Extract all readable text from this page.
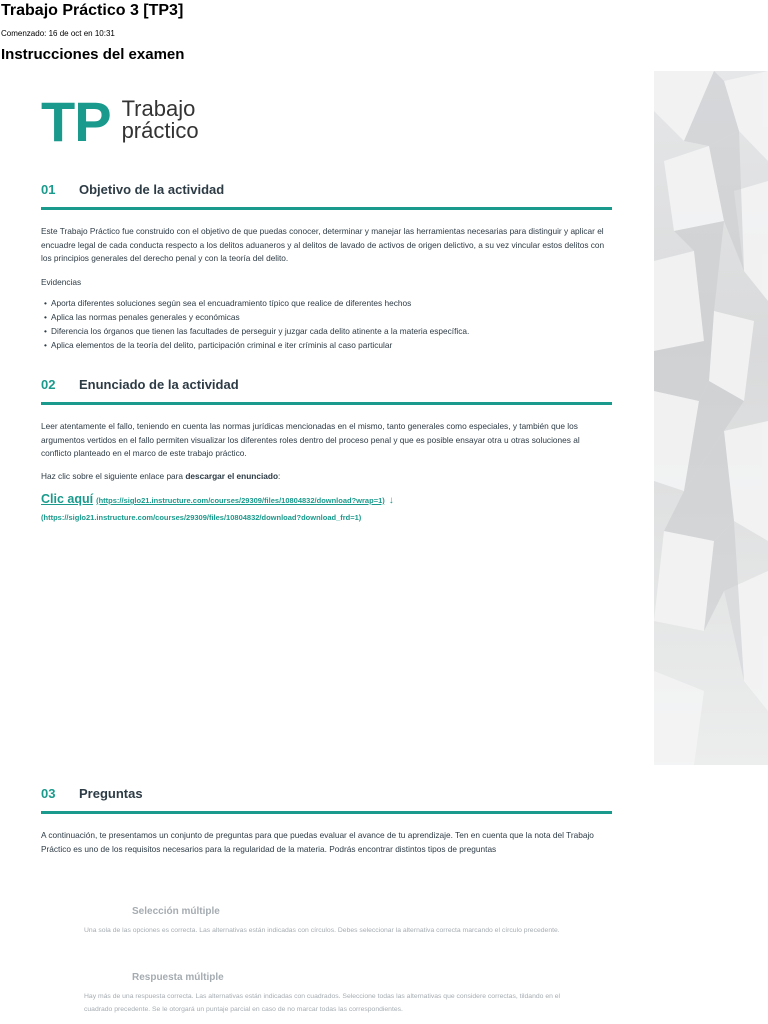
Trabajo Práctico 3 [TP3]
Comenzado: 16 de oct en 10:31
Instrucciones del examen
TP Trabajo
práctico
01	Objetivo de la actividad
Este Trabajo Práctico fue construido con el objetivo de que puedas conocer, determinar y manejar las herramientas necesarias para distinguir y aplicar el encuadre legal de cada conducta respecto a los delitos aduaneros y al delitos de lavado de activos de origen delictivo, a su vez vincular estos delitos con los principios generales del derecho penal y con la teoría del delito.
Evidencias
• Aporta diferentes soluciones según sea el encuadramiento típico que realice de diferentes hechos
• Aplica las normas penales generales y económicas
• Diferencia los órganos que tienen las facultades de perseguir y juzgar cada delito atinente a la materia específica.
• Aplica elementos de la teoría del delito, participación criminal e iter críminis al caso particular
02	Enunciado de la actividad
Leer atentamente el fallo, teniendo en cuenta las normas jurídicas mencionadas en el mismo, tanto generales como especiales, y también que los argumentos vertidos en el fallo permiten visualizar los diferentes roles dentro del proceso penal y que es posible ensayar otra u otras soluciones al conflicto planteado en el marco de este trabajo práctico.
Haz clic sobre el siguiente enlace para descargar el enunciado:
Clic aquí (https://siglo21.instructure.com/courses/29309/files/10804832/download?wrap=1) ↓
(https://siglo21.instructure.com/courses/29309/files/10804832/download?download_frd=1)
03	Preguntas
A continuación, te presentamos un conjunto de preguntas para que puedas evaluar el avance de tu aprendizaje. Ten en cuenta que la nota del Trabajo Práctico es uno de los requisitos necesarios para la regularidad de la materia. Podrás encontrar distintos tipos de preguntas
Selección múltiple
Una sola de las opciones es correcta. Las alternativas están indicadas con círculos. Debes seleccionar la alternativa correcta marcando el círculo precedente.
Respuesta múltiple
Hay más de una respuesta correcta. Las alternativas están indicadas con cuadrados. Seleccione todas las alternativas que considere correctas, tildando en el cuadrado precedente. Se le otorgará un puntaje parcial en caso de no marcar todas las correspondientes.
